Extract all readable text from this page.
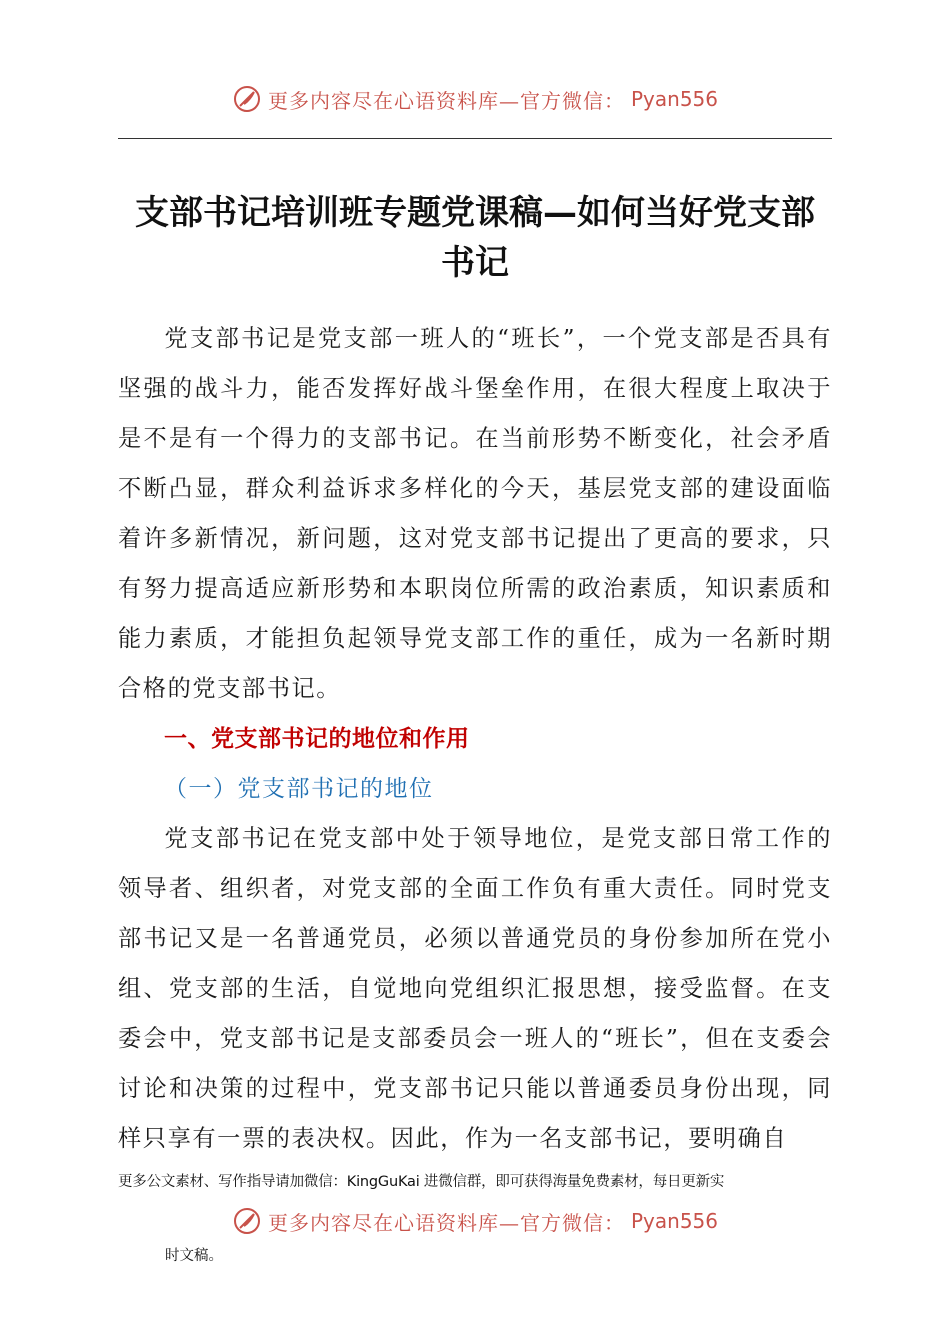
更多内容尽在心语资料库—官方微信： Pyan556
支部书记培训班专题党课稿—如何当好党支部
书记

党支部书记是党支部一班人的“班长”，一个党支部是否具有坚强的战斗力，能否发挥好战斗堡垒作用，在很大程度上取决于是不是有一个得力的支部书记。在当前形势不断变化，社会矛盾不断凸显，群众利益诉求多样化的今天，基层党支部的建设面临着许多新情况，新问题，这对党支部书记提出了更高的要求，只有努力提高适应新形势和本职岗位所需的政治素质，知识素质和能力素质，才能担负起领导党支部工作的重任，成为一名新时期合格的党支部书记。

一、党支部书记的地位和作用
（一）党支部书记的地位

党支部书记在党支部中处于领导地位，是党支部日常工作的领导者、组织者，对党支部的全面工作负有重大责任。同时党支部书记又是一名普通党员，必须以普通党员的身份参加所在党小组、党支部的生活，自觉地向党组织汇报思想，接受监督。在支委会中，党支部书记是支部委员会一班人的“班长”，但在支委会讨论和决策的过程中，党支部书记只能以普通委员身份出现，同样只享有一票的表决权。因此，作为一名支部书记，要明确自

更多公文素材、写作指导请加微信：KingGuKai 进微信群，即可获得海量免费素材，每日更新实
更多内容尽在心语资料库—官方微信： Pyan556
时文稿。
